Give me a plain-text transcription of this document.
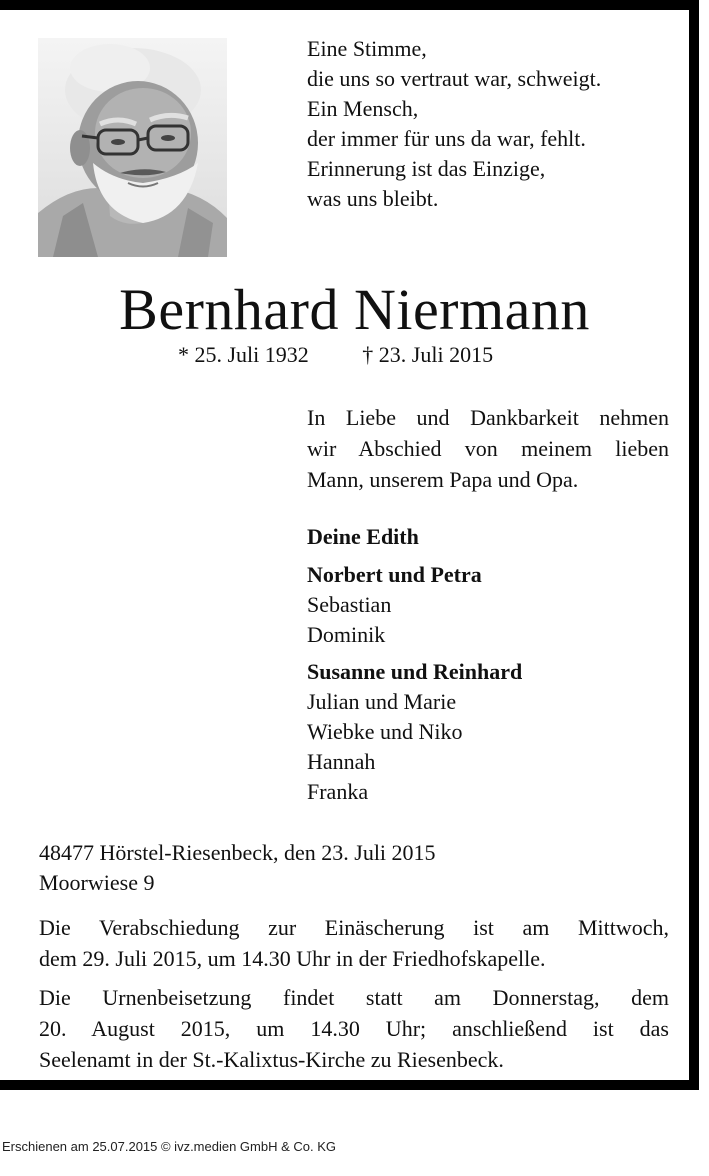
Eine Stimme,
die uns so vertraut war, schweigt.
Ein Mensch,
der immer für uns da war, fehlt.
Erinnerung ist das Einzige,
was uns bleibt.
Bernhard Niermann
* 25. Juli 1932 † 23. Juli 2015
In Liebe und Dankbarkeit nehmen
wir Abschied von meinem lieben
Mann, unserem Papa und Opa.
Deine Edith
Norbert und Petra
Sebastian
Dominik
Susanne und Reinhard
Julian und Marie
Wiebke und Niko
Hannah
Franka
48477 Hörstel-Riesenbeck, den 23. Juli 2015
Moorwiese 9
Die Verabschiedung zur Einäscherung ist am Mittwoch,
dem 29. Juli 2015, um 14.30 Uhr in der Friedhofskapelle.
Die Urnenbeisetzung findet statt am Donnerstag, dem
20. August 2015, um 14.30 Uhr; anschließend ist das
Seelenamt in der St.-Kalixtus-Kirche zu Riesenbeck.
Erschienen am 25.07.2015 © ivz.medien GmbH & Co. KG
